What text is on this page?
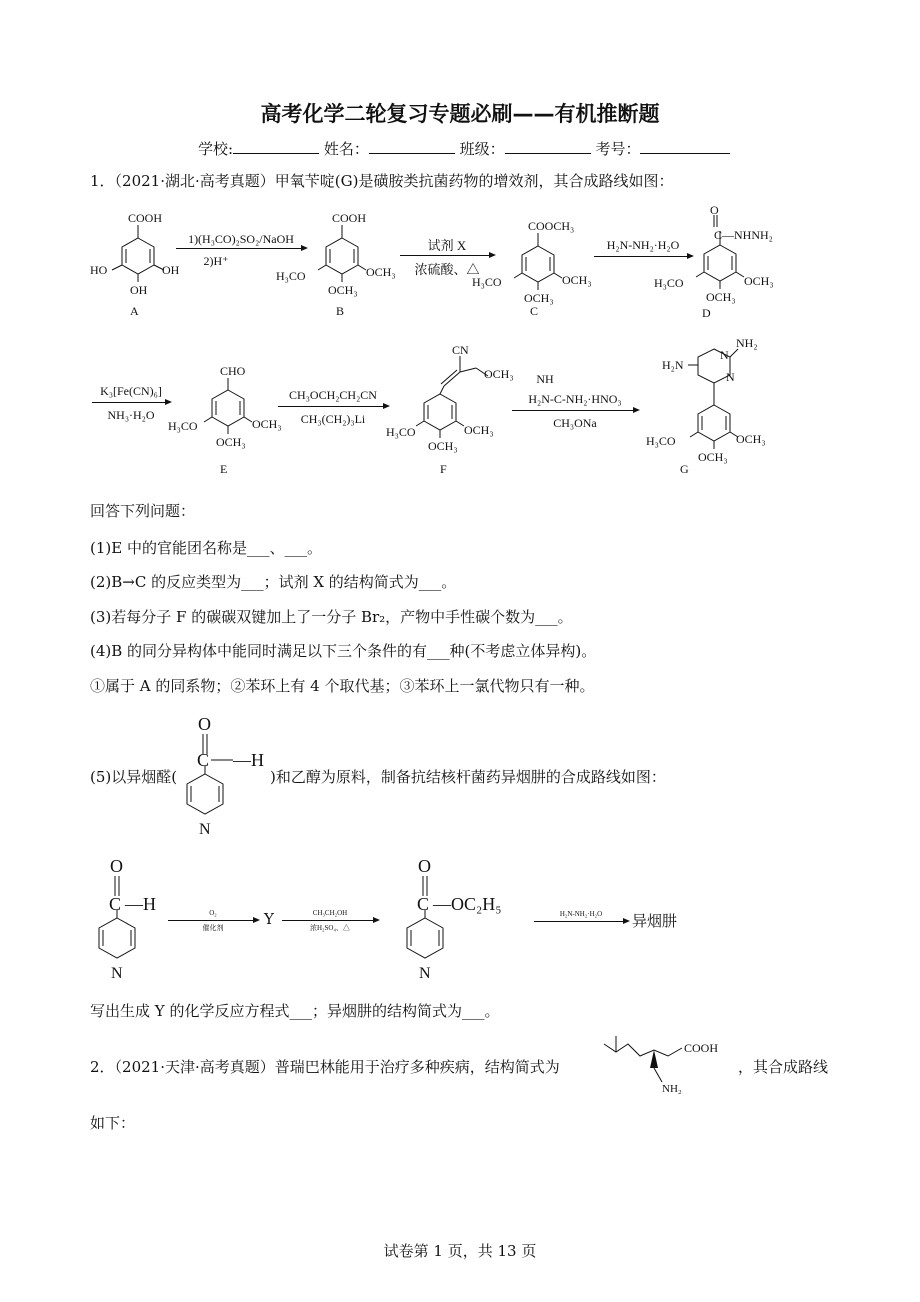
高考化学二轮复习专题必刷——有机推断题
学校:	姓名：	班级：	考号：
1．（2021·湖北·高考真题）甲氧苄啶(G)是磺胺类抗菌药物的增效剂，其合成路线如图：
COOH
HO	OH
OH
A
1)(H₃CO)₂SO₂/NaOH
2)H⁺
COOH
H₃CO	OCH₃
OCH₃
B
试剂 X
浓硫酸、△
COOCH₃
H₃CO	OCH₃
OCH₃
C
H₂N-NH₂·H₂O
O
C—NHNH₂
H₃CO	OCH₃
OCH₃
D
K₃[Fe(CN)₆]
NH₃·H₂O
CHO
H₃CO	OCH₃
OCH₃
E
CH₃OCH₂CH₂CN
CH₃(CH₂)₃Li
CN
OCH₃
H₃CO	OCH₃
OCH₃
F
NH
H₂N-C-NH₂·HNO₃
CH₃ONa
N
N
NH₂
H₂N
H₃CO	OCH₃
OCH₃
G
回答下列问题：
(1)E 中的官能团名称是___、___。
(2)B→C 的反应类型为___；试剂 X 的结构简式为___。
(3)若每分子 F 的碳碳双键加上了一分子 Br₂，产物中手性碳个数为___。
(4)B 的同分异构体中能同时满足以下三个条件的有___种(不考虑立体异构)。
①属于 A 的同系物；②苯环上有 4 个取代基；③苯环上一氯代物只有一种。
(5)以异烟醛(
O
C —H
N
)和乙醇为原料，制备抗结核杆菌药异烟肼的合成路线如图：
O
C —H
N
O₂
催化剂	Y	CH₃CH₂OH
浓H₂SO₄、△
O
C —OC₂H₅
N
H₂N-NH₂·H₂O	异烟肼
写出生成 Y 的化学反应方程式___；异烟肼的结构简式为___。
2．（2021·天津·高考真题）普瑞巴林能用于治疗多种疾病，结构简式为
COOH
NH₂
，其合成路线
如下：
试卷第 1 页，共 13 页
